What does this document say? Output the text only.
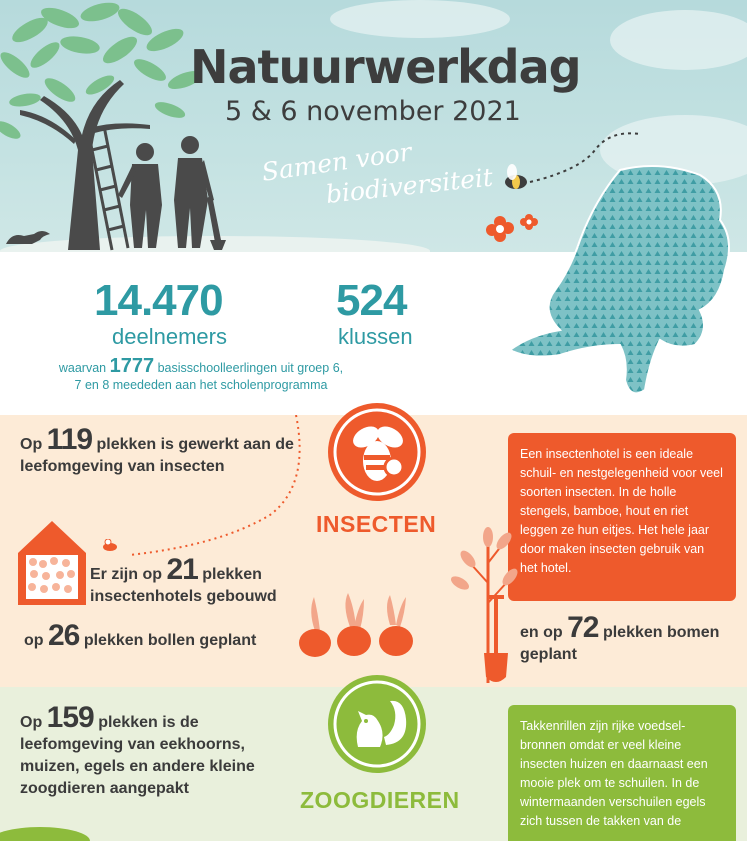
Natuurwerkdag
5 & 6 november 2021
Samen voor
biodiversiteit
14.470
deelnemers
524
klussen
waarvan 1777 basisschoolleerlingen uit groep 6, 7 en 8 meededen aan het scholenprogramma
Op 119 plekken is gewerkt aan de leefomgeving van insecten
INSECTEN
Een insectenhotel is een ideale schuil- en nestgelegenheid voor veel soorten insecten. In de holle stengels, bamboe, hout en riet leggen ze hun eitjes. Het hele jaar door maken insecten gebruik van het hotel.
Er zijn op 21 plekken insectenhotels gebouwd
op 26 plekken bollen geplant	en op 72 plekken bomen geplant
Op 159 plekken is de leefomgeving van eekhoorns, muizen, egels en andere kleine zoogdieren aangepakt	ZOOGDIEREN
Takkenrillen zijn rijke voedsel-bronnen omdat er veel kleine insecten huizen en daarnaast een mooie plek om te schuilen. In de wintermaanden verschuilen egels zich tussen de takken van de
